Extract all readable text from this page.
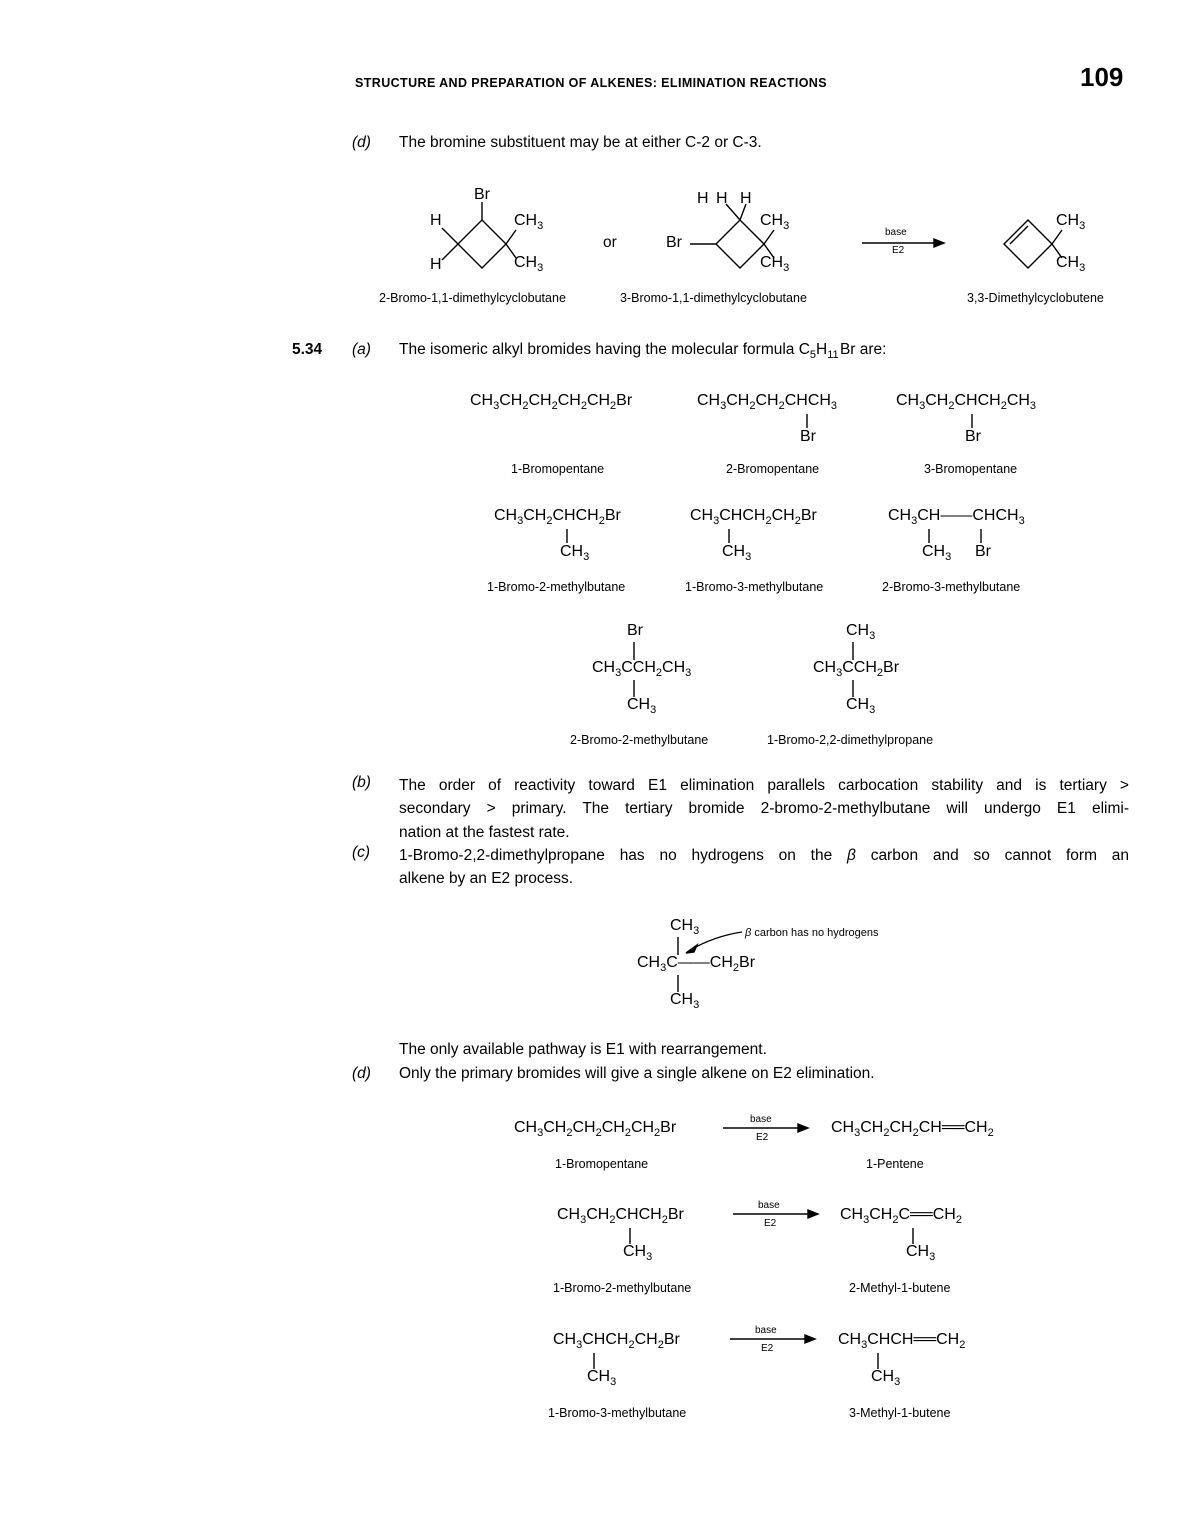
STRUCTURE AND PREPARATION OF ALKENES: ELIMINATION REACTIONS	109
(d) The bromine substituent may be at either C-2 or C-3.
Br
H
H
$CH_3$
$CH_3$
or
H
H H
Br
$CH_3$
$CH_3$
base
E2
$CH_3$
$CH_3$
2-Bromo-1,1-dimethylcyclobutane	3-Bromo-1,1-dimethylcyclobutane	3,3-Dimethylcyclobutene
5.34 (a) The isomeric alkyl bromides having the molecular formula $C_5H_{11}$ Br are:
$CH_3CH_2CH_2CH_2CH_2Br$	$CH_3CH_2CH_2CHCH_3$
Br
$CH_3CH_2CHCH_2CH_3$
Br
1-Bromopentane	2-Bromopentane	3-Bromopentane
$CH_3CH_2CHCH_2Br$
$CH_3$
$CH_3CHCH_2CH_2Br$
$CH_3$
$CH_3CH——CHCH_3$
$CH_3$ Br
1-Bromo-2-methylbutane	1-Bromo-3-methylbutane	2-Bromo-3-methylbutane
Br
$CH_3CCH_2CH_3$
$CH_3$
$CH_3$
$CH_3CCH_2Br$
$CH_3$
2-Bromo-2-methylbutane	1-Bromo-2,2-dimethylpropane
(b) The order of reactivity toward E1 elimination parallels carbocation stability and is tertiary >
secondary > primary. The tertiary bromide 2-bromo-2-methylbutane will undergo E1 elimi-
nation at the fastest rate.
(c) 1-Bromo-2,2-dimethylpropane has no hydrogens on the β carbon and so cannot form an
alkene by an E2 process.
$CH_3$
$CH_3C——CH_2Br$
$CH_3$
β carbon has no hydrogens
The only available pathway is E1 with rearrangement.
(d) Only the primary bromides will give a single alkene on E2 elimination.
$CH_3CH_2CH_2CH_2CH_2Br$	$CH_3CH_2CH_2CH══CH_2$
base
E2
1-Bromopentane	1-Pentene
$CH_3CH_2CHCH_2Br$
$CH_3$
$CH_3CH_2C══CH_2$
$CH_3$
base
E2
1-Bromo-2-methylbutane	2-Methyl-1-butene
$CH_3CHCH_2CH_2Br$
$CH_3$
$CH_3CHCH══CH_2$
$CH_3$
base
E2
1-Bromo-3-methylbutane	3-Methyl-1-butene
